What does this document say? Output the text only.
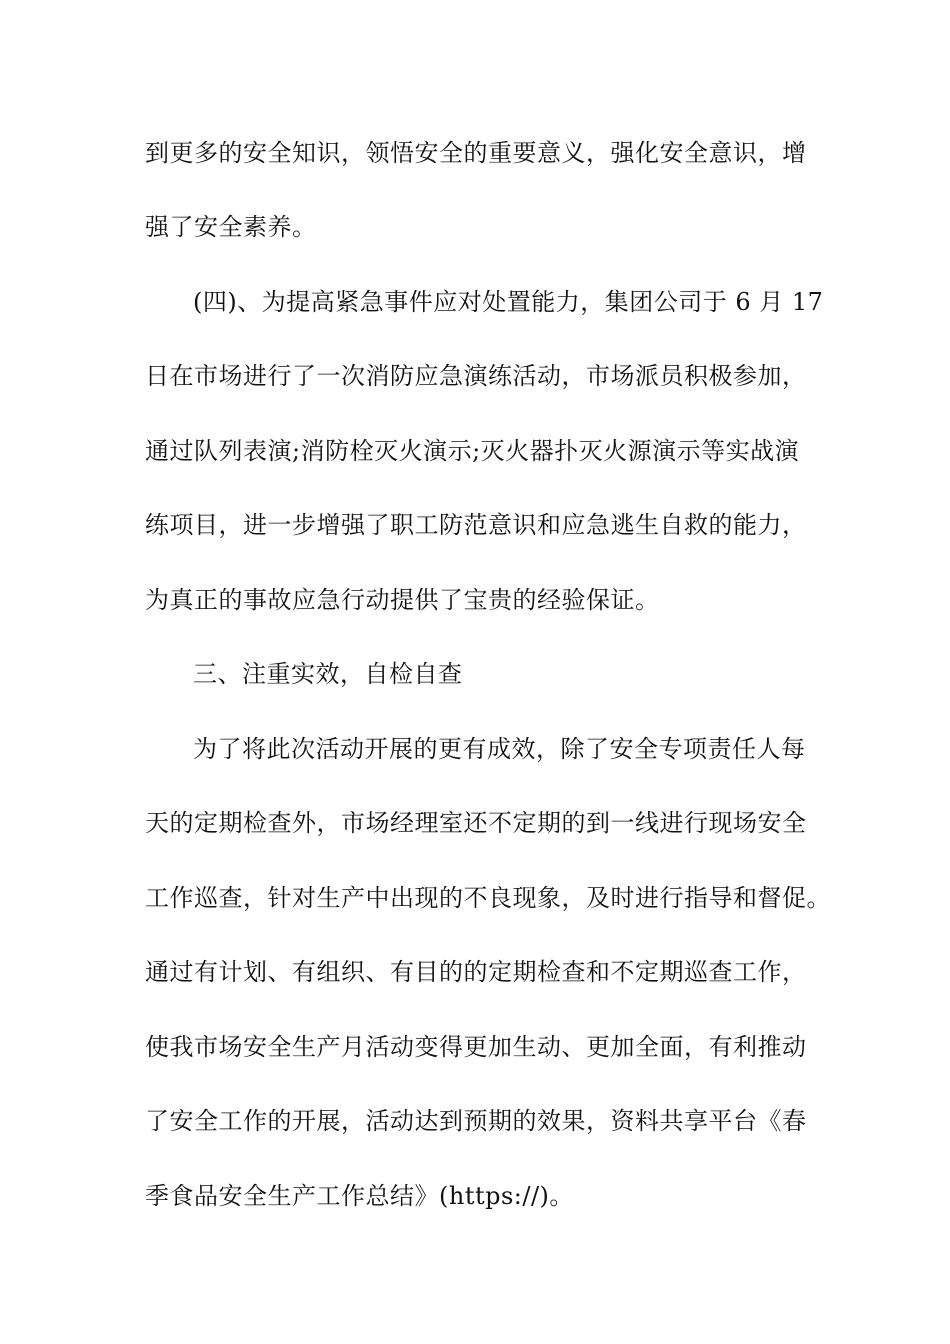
到更多的安全知识，领悟安全的重要意义，强化安全意识，增
强了安全素养。
(四)、为提高紧急事件应对处置能力，集团公司于 6 月 17
日在市场进行了一次消防应急演练活动，市场派员积极参加，
通过队列表演;消防栓灭火演示;灭火器扑灭火源演示等实战演
练项目，进一步增强了职工防范意识和应急逃生自救的能力，
为真正的事故应急行动提供了宝贵的经验保证。
三、注重实效，自检自查
为了将此次活动开展的更有成效，除了安全专项责任人每
天的定期检查外，市场经理室还不定期的到一线进行现场安全
工作巡查，针对生产中出现的不良现象，及时进行指导和督促。
通过有计划、有组织、有目的的定期检查和不定期巡查工作，
使我市场安全生产月活动变得更加生动、更加全面，有利推动
了安全工作的开展，活动达到预期的效果，资料共享平台《春
季食品安全生产工作总结》(https://)。
